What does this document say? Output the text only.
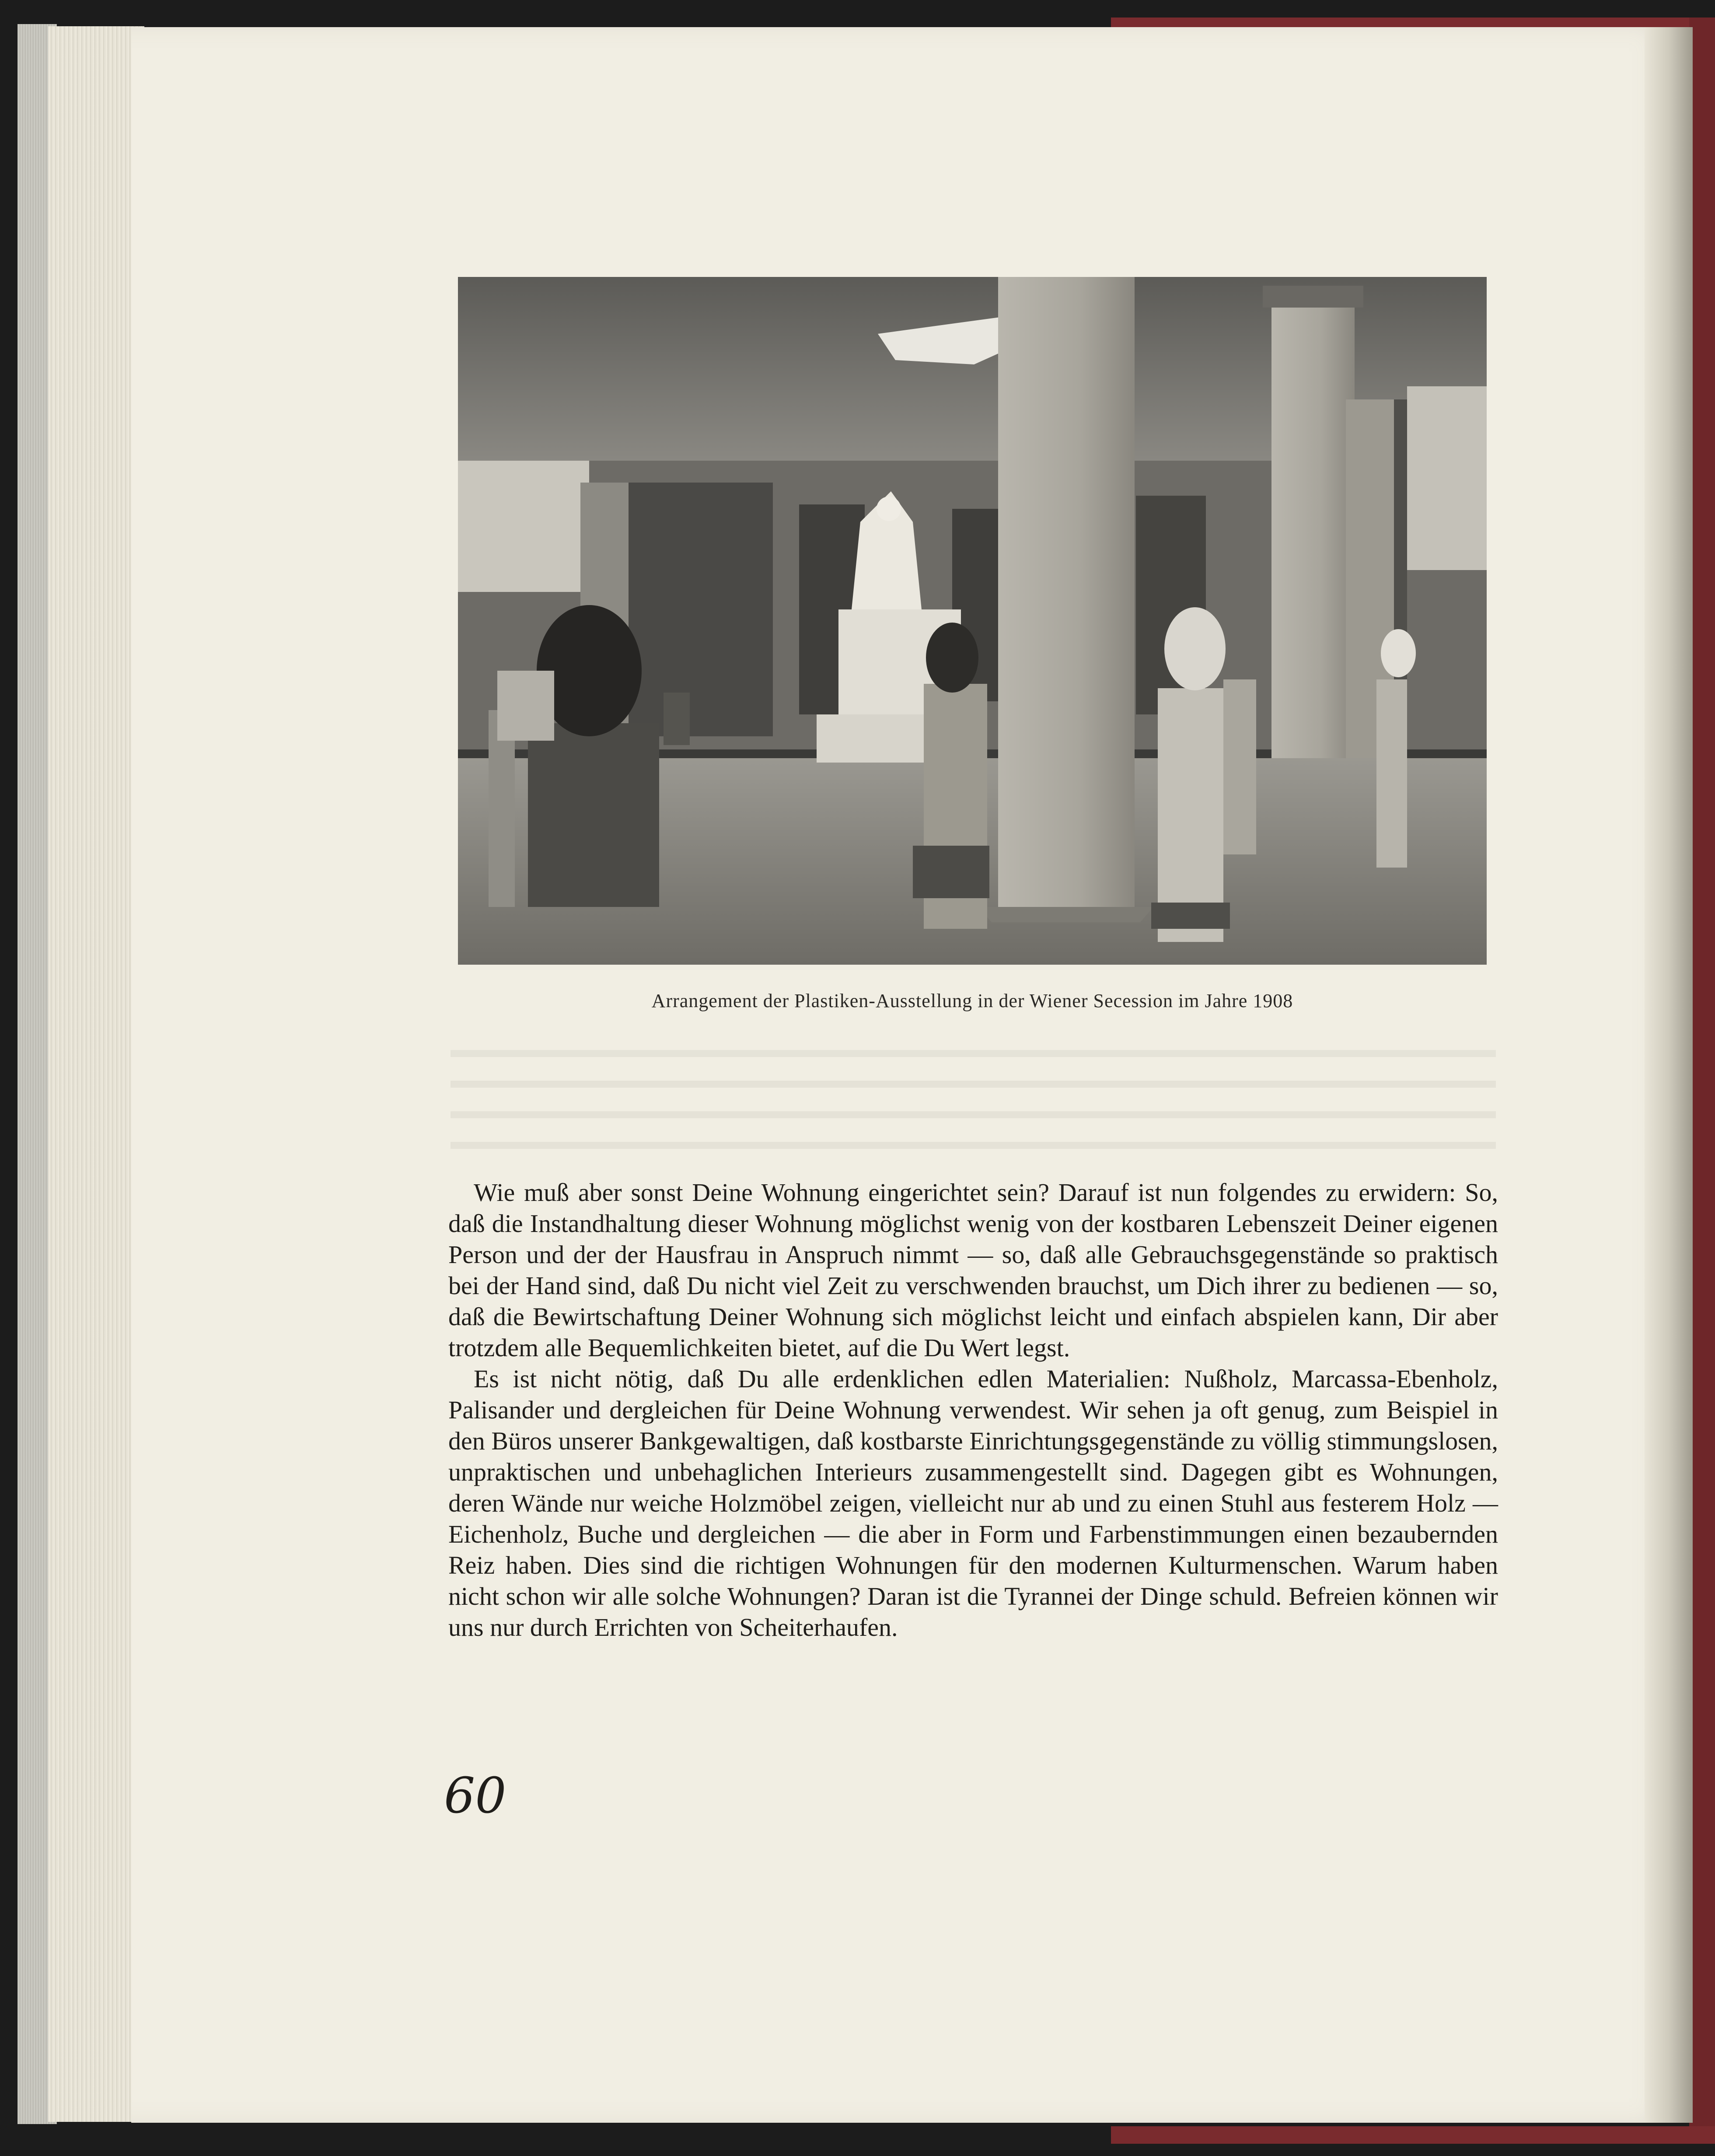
Arrangement der Plastiken-Ausstellung in der Wiener Secession im Jahre 1908

Wie muß aber sonst Deine Wohnung eingerichtet sein? Darauf ist nun folgendes zu erwidern: So, daß die Instandhaltung dieser Wohnung möglichst wenig von der kostbaren Lebenszeit Deiner eigenen Person und der der Hausfrau in Anspruch nimmt — so, daß alle Gebrauchsgegenstände so praktisch bei der Hand sind, daß Du nicht viel Zeit zu verschwenden brauchst, um Dich ihrer zu bedienen — so, daß die Bewirtschaftung Deiner Wohnung sich möglichst leicht und einfach abspielen kann, Dir aber trotzdem alle Bequemlichkeiten bietet, auf die Du Wert legst.

Es ist nicht nötig, daß Du alle erdenklichen edlen Materialien: Nußholz, Marcassa-Ebenholz, Palisander und dergleichen für Deine Wohnung verwendest. Wir sehen ja oft genug, zum Beispiel in den Büros unserer Bankgewaltigen, daß kostbarste Einrichtungsgegenstände zu völlig stimmungslosen, unpraktischen und unbehaglichen Interieurs zusammengestellt sind. Dagegen gibt es Wohnungen, deren Wände nur weiche Holzmöbel zeigen, vielleicht nur ab und zu einen Stuhl aus festerem Holz — Eichenholz, Buche und dergleichen — die aber in Form und Farbenstimmungen einen bezaubernden Reiz haben. Dies sind die richtigen Wohnungen für den modernen Kulturmenschen. Warum haben nicht schon wir alle solche Wohnungen? Daran ist die Tyrannei der Dinge schuld. Befreien können wir uns nur durch Errichten von Scheiterhaufen.

60
